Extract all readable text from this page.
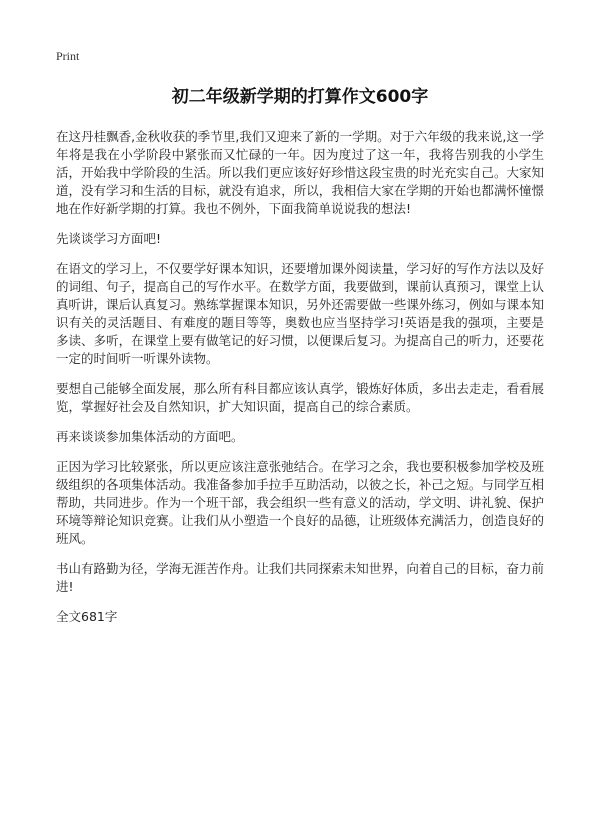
Print
初二年级新学期的打算作文600字

在这丹桂飘香,金秋收获的季节里,我们又迎来了新的一学期。对于六年级的我来说,这一学年将是我在小学阶段中紧张而又忙碌的一年。因为度过了这一年，我将告别我的小学生活，开始我中学阶段的生活。所以我们更应该好好珍惜这段宝贵的时光充实自己。大家知道，没有学习和生活的目标，就没有追求，所以，我相信大家在学期的开始也都满怀憧憬地在作好新学期的打算。我也不例外，下面我简单说说我的想法!

先谈谈学习方面吧!

在语文的学习上，不仅要学好课本知识，还要增加课外阅读量，学习好的写作方法以及好的词组、句子，提高自己的写作水平。在数学方面，我要做到，课前认真预习，课堂上认真听讲，课后认真复习。熟练掌握课本知识，另外还需要做一些课外练习，例如与课本知识有关的灵活题目、有难度的题目等等，奥数也应当坚持学习!英语是我的强项，主要是多读、多听，在课堂上要有做笔记的好习惯，以便课后复习。为提高自己的听力，还要花一定的时间听一听课外读物。

要想自己能够全面发展，那么所有科目都应该认真学，锻炼好体质，多出去走走，看看展览，掌握好社会及自然知识，扩大知识面，提高自己的综合素质。

再来谈谈参加集体活动的方面吧。

正因为学习比较紧张，所以更应该注意张弛结合。在学习之余，我也要积极参加学校及班级组织的各项集体活动。我准备参加手拉手互助活动，以彼之长，补己之短。与同学互相帮助，共同进步。作为一个班干部，我会组织一些有意义的活动，学文明、讲礼貌、保护环境等辩论知识竞赛。让我们从小塑造一个良好的品德，让班级体充满活力，创造良好的班风。

书山有路勤为径，学海无涯苦作舟。让我们共同探索未知世界，向着自己的目标，奋力前进!

全文681字
